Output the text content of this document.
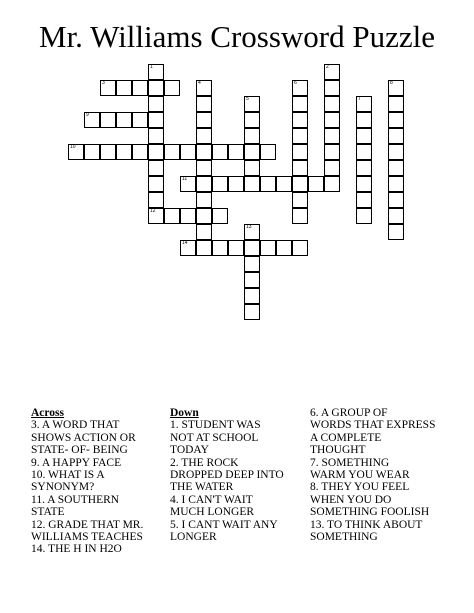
Mr. Williams Crossword Puzzle
3
9
10
11
12
14
1	2
4
5
6
7
8
13
Across

3. A WORD THAT
SHOWS ACTION OR
STATE- OF- BEING

9. A HAPPY FACE

10. WHAT IS A
SYNONYM?

11. A SOUTHERN
STATE

12. GRADE THAT MR.
WILLIAMS TEACHES

14. THE H IN H2O

Down

1. STUDENT WAS
NOT AT SCHOOL
TODAY

2. THE ROCK
DROPPED DEEP INTO
THE WATER

4. I CAN'T WAIT
MUCH LONGER

5. I CANT WAIT ANY
LONGER

6. A GROUP OF
WORDS THAT EXPRESS
A COMPLETE
THOUGHT

7. SOMETHING
WARM YOU WEAR

8. THEY YOU FEEL
WHEN YOU DO
SOMETHING FOOLISH

13. TO THINK ABOUT
SOMETHING
